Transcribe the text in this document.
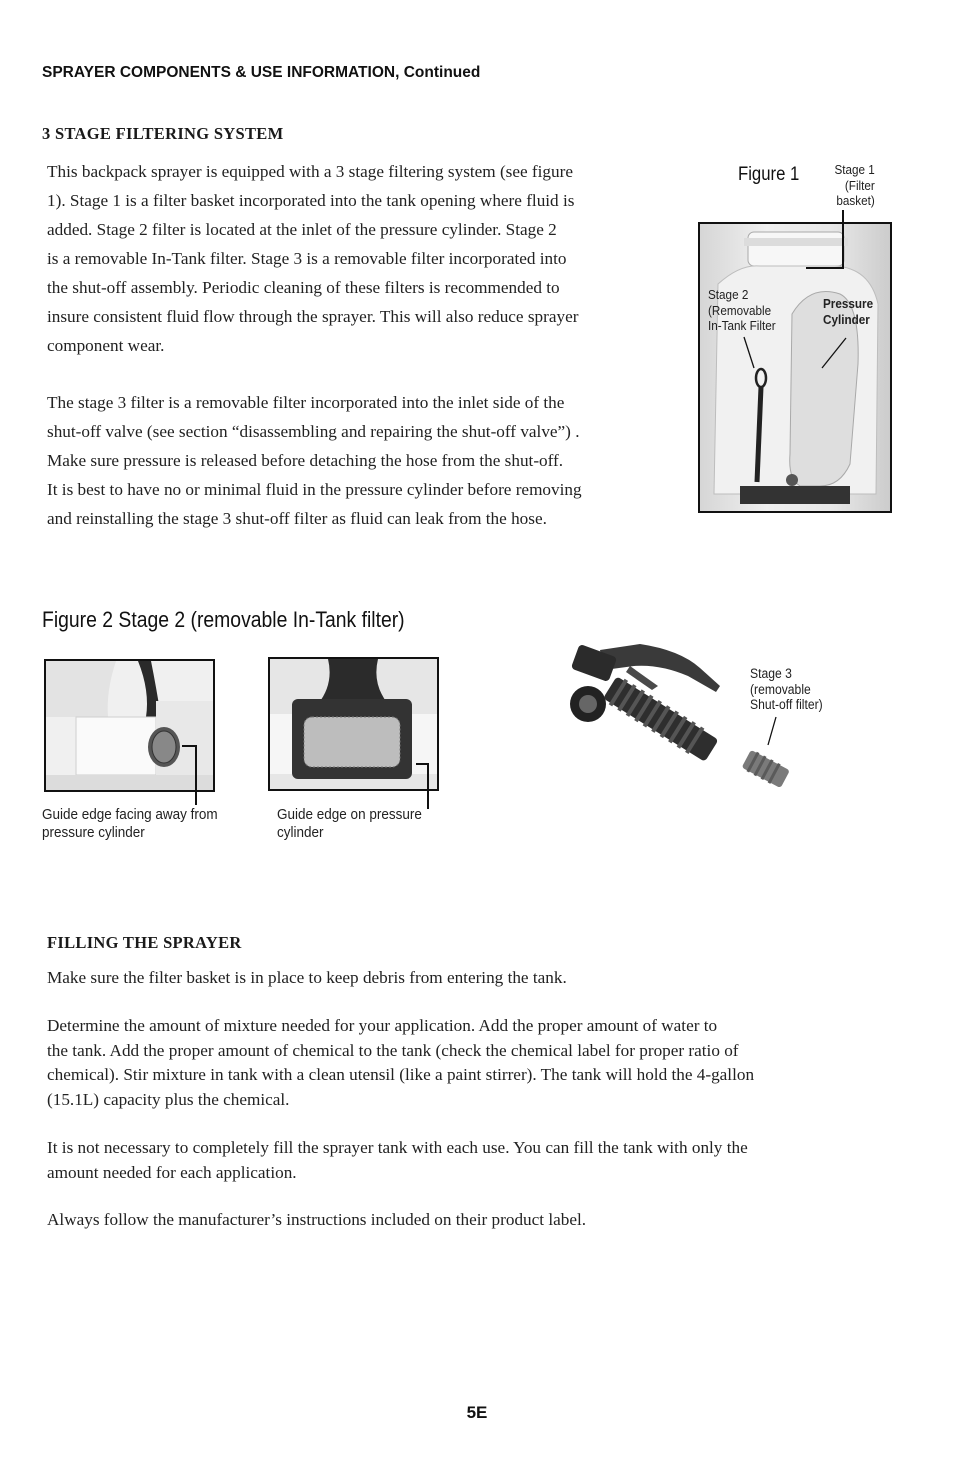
SPRAYER COMPONENTS & USE INFORMATION, Continued
3 STAGE FILTERING SYSTEM
This backpack sprayer is equipped with a 3 stage filtering system (see figure
1). Stage 1 is a filter basket incorporated into the tank opening where fluid is
added. Stage 2 filter is located at the inlet of the pressure cylinder. Stage 2
is a removable In-Tank filter. Stage 3 is a removable filter incorporated into
the shut-off assembly. Periodic cleaning of these filters is recommended to
insure consistent fluid flow through the sprayer. This will also reduce sprayer
component wear.
The stage 3 filter is a removable filter incorporated into the inlet side of the
shut-off valve (see section “disassembling and repairing the shut-off valve”) .
Make sure pressure is released before detaching the hose from the shut-off.
It is best to have no or minimal fluid in the pressure cylinder before removing
and reinstalling the stage 3 shut-off filter as fluid can leak from the hose.
Figure 1	Stage 1
(Filter
basket)
Stage 2
(Removable
In-Tank Filter
Pressure
Cylinder
Figure 2 Stage 2 (removable In-Tank filter)
Guide edge facing away from
pressure cylinder
Guide edge on pressure
cylinder
Stage 3
(removable
Shut-off filter)
FILLING THE SPRAYER
Make sure the filter basket is in place to keep debris from entering the tank.
Determine the amount of mixture needed for your application. Add the proper amount of water to
the tank. Add the proper amount of chemical to the tank (check the chemical label for proper ratio of
chemical). Stir mixture in tank with a clean utensil (like a paint stirrer). The tank will hold the 4-gallon
(15.1L) capacity plus the chemical.
It is not necessary to completely fill the sprayer tank with each use. You can fill the tank with only the
amount needed for each application.
Always follow the manufacturer’s instructions included on their product label.
5E
